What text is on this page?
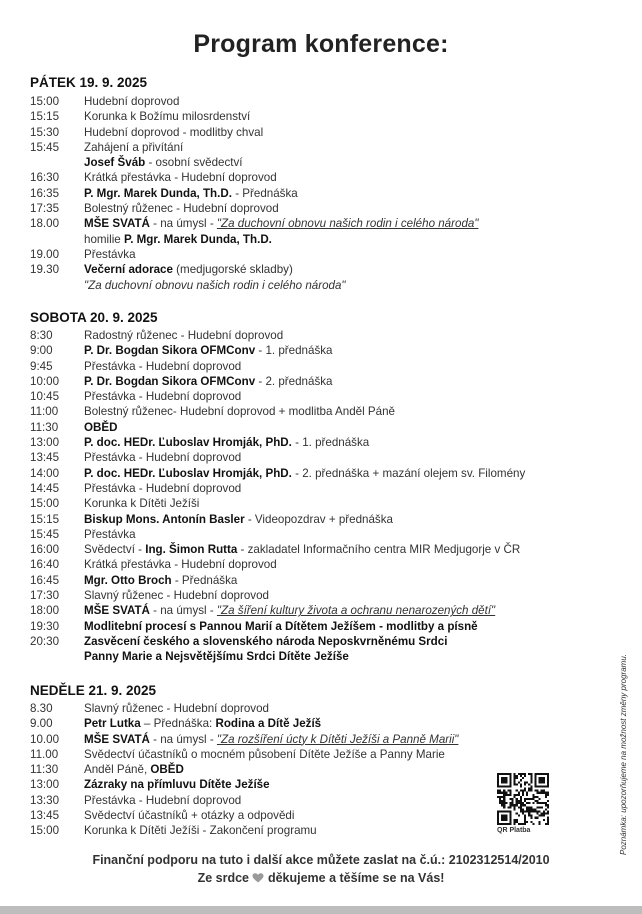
Program konference:
PÁTEK 19. 9. 2025
15:00 Hudební doprovod
15:15 Korunka k Božímu milosrdenství
15:30 Hudební doprovod - modlitby chval
15:45 Zahájení a přivítání
Josef Šváb - osobní svědectví
16:30 Krátká přestávka - Hudební doprovod
16:35 P. Mgr. Marek Dunda, Th.D. - Přednáška
17:35 Bolestný růženec - Hudební doprovod
18.00 MŠE SVATÁ - na úmysl - "Za duchovní obnovu našich rodin i celého národa"
homilie P. Mgr. Marek Dunda, Th.D.
19.00 Přestávka
19.30 Večerní adorace (medjugorské skladby)
"Za duchovní obnovu našich rodin i celého národa"
SOBOTA 20. 9. 2025
8:30	Radostný růženec - Hudební doprovod
9:00	P. Dr. Bogdan Sikora OFMConv - 1. přednáška
9:45	Přestávka - Hudební doprovod
10:00 P. Dr. Bogdan Sikora OFMConv - 2. přednáška
10:45 Přestávka - Hudební doprovod
11:00 Bolestný růženec- Hudební doprovod + modlitba Anděl Páně
11:30 OBĚD
13:00 P. doc. HEDr. Ľuboslav Hromják, PhD. - 1. přednáška
13:45 Přestávka - Hudební doprovod
14:00 P. doc. HEDr. Ľuboslav Hromják, PhD. - 2. přednáška + mazání olejem sv. Filomény
14:45 Přestávka - Hudební doprovod
15:00 Korunka k Dítěti Ježíši
15:15 Biskup Mons. Antonín Basler - Videopozdrav + přednáška
15:45 Přestávka
16:00 Svědectví - Ing. Šimon Rutta - zakladatel Informačního centra MIR Medjugorje v ČR
16:40 Krátká přestávka - Hudební doprovod
16:45 Mgr. Otto Broch - Přednáška
17:30 Slavný růženec - Hudební doprovod
18:00 MŠE SVATÁ - na úmysl - "Za šíření kultury života a ochranu nenarozených dětí"
19:30 Modlitební procesí s Pannou Marií a Dítětem Ježíšem - modlitby a písně
20:30 Zasvěcení českého a slovenského národa Neposkvrněnému Srdci
Panny Marie a Nejsvětějšímu Srdci Dítěte Ježíše
NEDĚLE 21. 9. 2025
8.30	Slavný růženec - Hudební doprovod
9.00	Petr Lutka – Přednáška: Rodina a Dítě Ježíš
10.00 MŠE SVATÁ - na úmysl - "Za rozšíření úcty k Dítěti Ježíši a Panně Marii"
11.00 Svědectví účastníků o mocném působení Dítěte Ježíše a Panny Marie
11:30 Anděl Páně, OBĚD
13:00 Zázraky na přímluvu Dítěte Ježíše
13:30 Přestávka - Hudební doprovod
13:45 Svědectví účastníků + otázky a odpovědi
15:00 Korunka k Dítěti Ježíši - Zakončení programu	Poznámka: upozorňujeme na možnost změny programu.
QR Platba
Finanční podporu na tuto i další akce můžete zaslat na č.ú.: 2102312514/2010
Ze srdce děkujeme a těšíme se na Vás!
